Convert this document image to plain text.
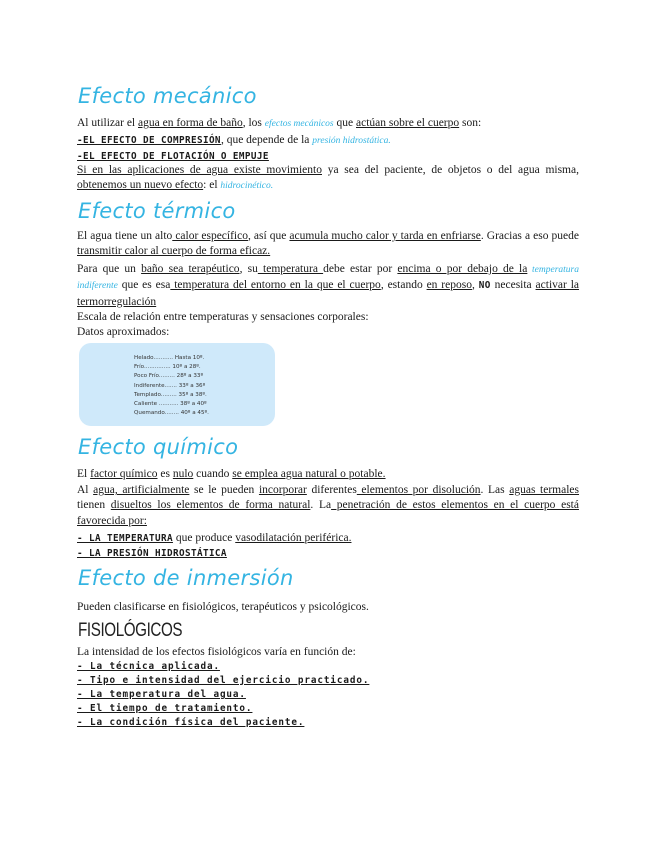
Efecto mecánico

Al utilizar el agua en forma de baño, los efectos mecánicos que actúan sobre el cuerpo son:

-EL EFECTO DE COMPRESIÓN, que depende de la presión hidrostática.

-EL EFECTO DE FLOTACIÓN O EMPUJE

Si en las aplicaciones de agua existe movimiento ya sea del paciente, de objetos o del agua misma, obtenemos un nuevo efecto: el hidrocinético.

Efecto térmico

El agua tiene un alto calor específico, así que acumula mucho calor y tarda en enfriarse. Gracias a eso puede transmitir calor al cuerpo de forma eficaz.

Para que un baño sea terapéutico, su temperatura debe estar por encima o por debajo de la temperatura indiferente que es esa temperatura del entorno en la que el cuerpo, estando en reposo, NO necesita activar la termorregulación

Escala de relación entre temperaturas y sensaciones corporales:

Datos aproximados:

Helado........... Hasta 10º.
Frío............... 10º a 28º.
Poco Frío......... 28º a 33º
Indiferente....... 33º a 36º
Templado......... 35º a 38º.
Caliente ........... 38º a 40º
Quemando........ 40º a 45º.
Efecto químico

El factor químico es nulo cuando se emplea agua natural o potable.

Al agua, artificialmente se le pueden incorporar diferentes elementos por disolución. Las aguas termales tienen disueltos los elementos de forma natural. La penetración de estos elementos en el cuerpo está favorecida por:

- LA TEMPERATURA que produce vasodilatación periférica.

- LA PRESIÓN HIDROSTÁTICA

Efecto de inmersión

Pueden clasificarse en fisiológicos, terapéuticos y psicológicos.

FISIOLÓGICOS

La intensidad de los efectos fisiológicos varía en función de:

- La técnica aplicada.

- Tipo e intensidad del ejercicio practicado.

- La temperatura del agua.

- El tiempo de tratamiento.

- La condición física del paciente.
